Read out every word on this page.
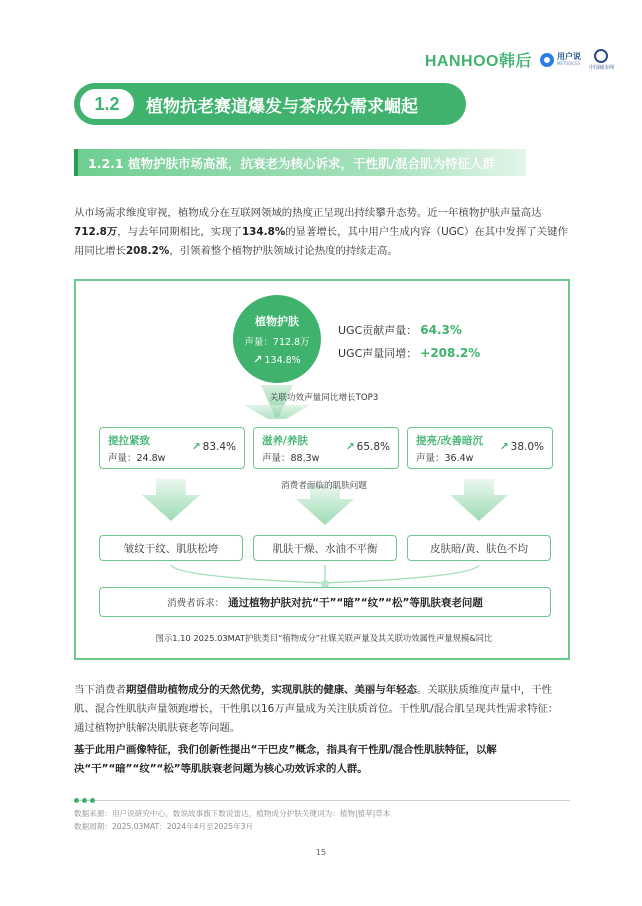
HANHOO韩后	用户说
METVOICES
中国城市网
1.2	植物抗老赛道爆发与茶成分需求崛起
1.2.1 植物护肤市场高涨，抗衰老为核心诉求，干性肌/混合肌为特征人群

从市场需求维度审视，植物成分在互联网领域的热度正呈现出持续攀升态势。近一年植物护肤声量高达712.8万，与去年同期相比，实现了134.8%的显著增长，其中用户生成内容（UGC）在其中发挥了关键作用同比增长208.2%，引领着整个植物护肤领域讨论热度的持续走高。

植物护肤
声量：712.8万
↗ 134.8%
UGC贡献声量： 64.3%
UGC声量同增： +208.2%
关联功效声量同比增长TOP3
提拉紧致
声量：24.8w
↗ 83.4% 滋养/养肤
声量：88.3w
↗ 65.8% 提亮/改善暗沉
声量：36.4w
↗ 38.0%
消费者面临的肌肤问题
皱纹干纹、肌肤松垮	肌肤干燥、水油不平衡	皮肤暗/黄、肤色不均
消费者诉求： 通过植物护肤对抗“干”“暗”“纹”“松”等肌肤衰老问题
图示1.10 2025.03MAT护肤类目“植物成分”社媒关联声量及其关联功效属性声量规模&同比

当下消费者期望借助植物成分的天然优势，实现肌肤的健康、美丽与年轻态。关联肤质维度声量中，干性肌、混合性肌肤声量领跑增长，干性肌以16万声量成为关注肤质首位。干性肌/混合肌呈现共性需求特征：通过植物护肤解决肌肤衰老等问题。

基于此用户画像特征，我们创新性提出“干巴皮”概念，指具有干性肌/混合性肌肤特征，以解决“干”“暗”“纹”“松”等肌肤衰老问题为核心功效诉求的人群。

数据来源：用户说研究中心，数说故事旗下数说雷达，植物成分护肤关键词为：植物|植萃|草本
数据周期：2025.03MAT：2024年4月至2025年3月
15
